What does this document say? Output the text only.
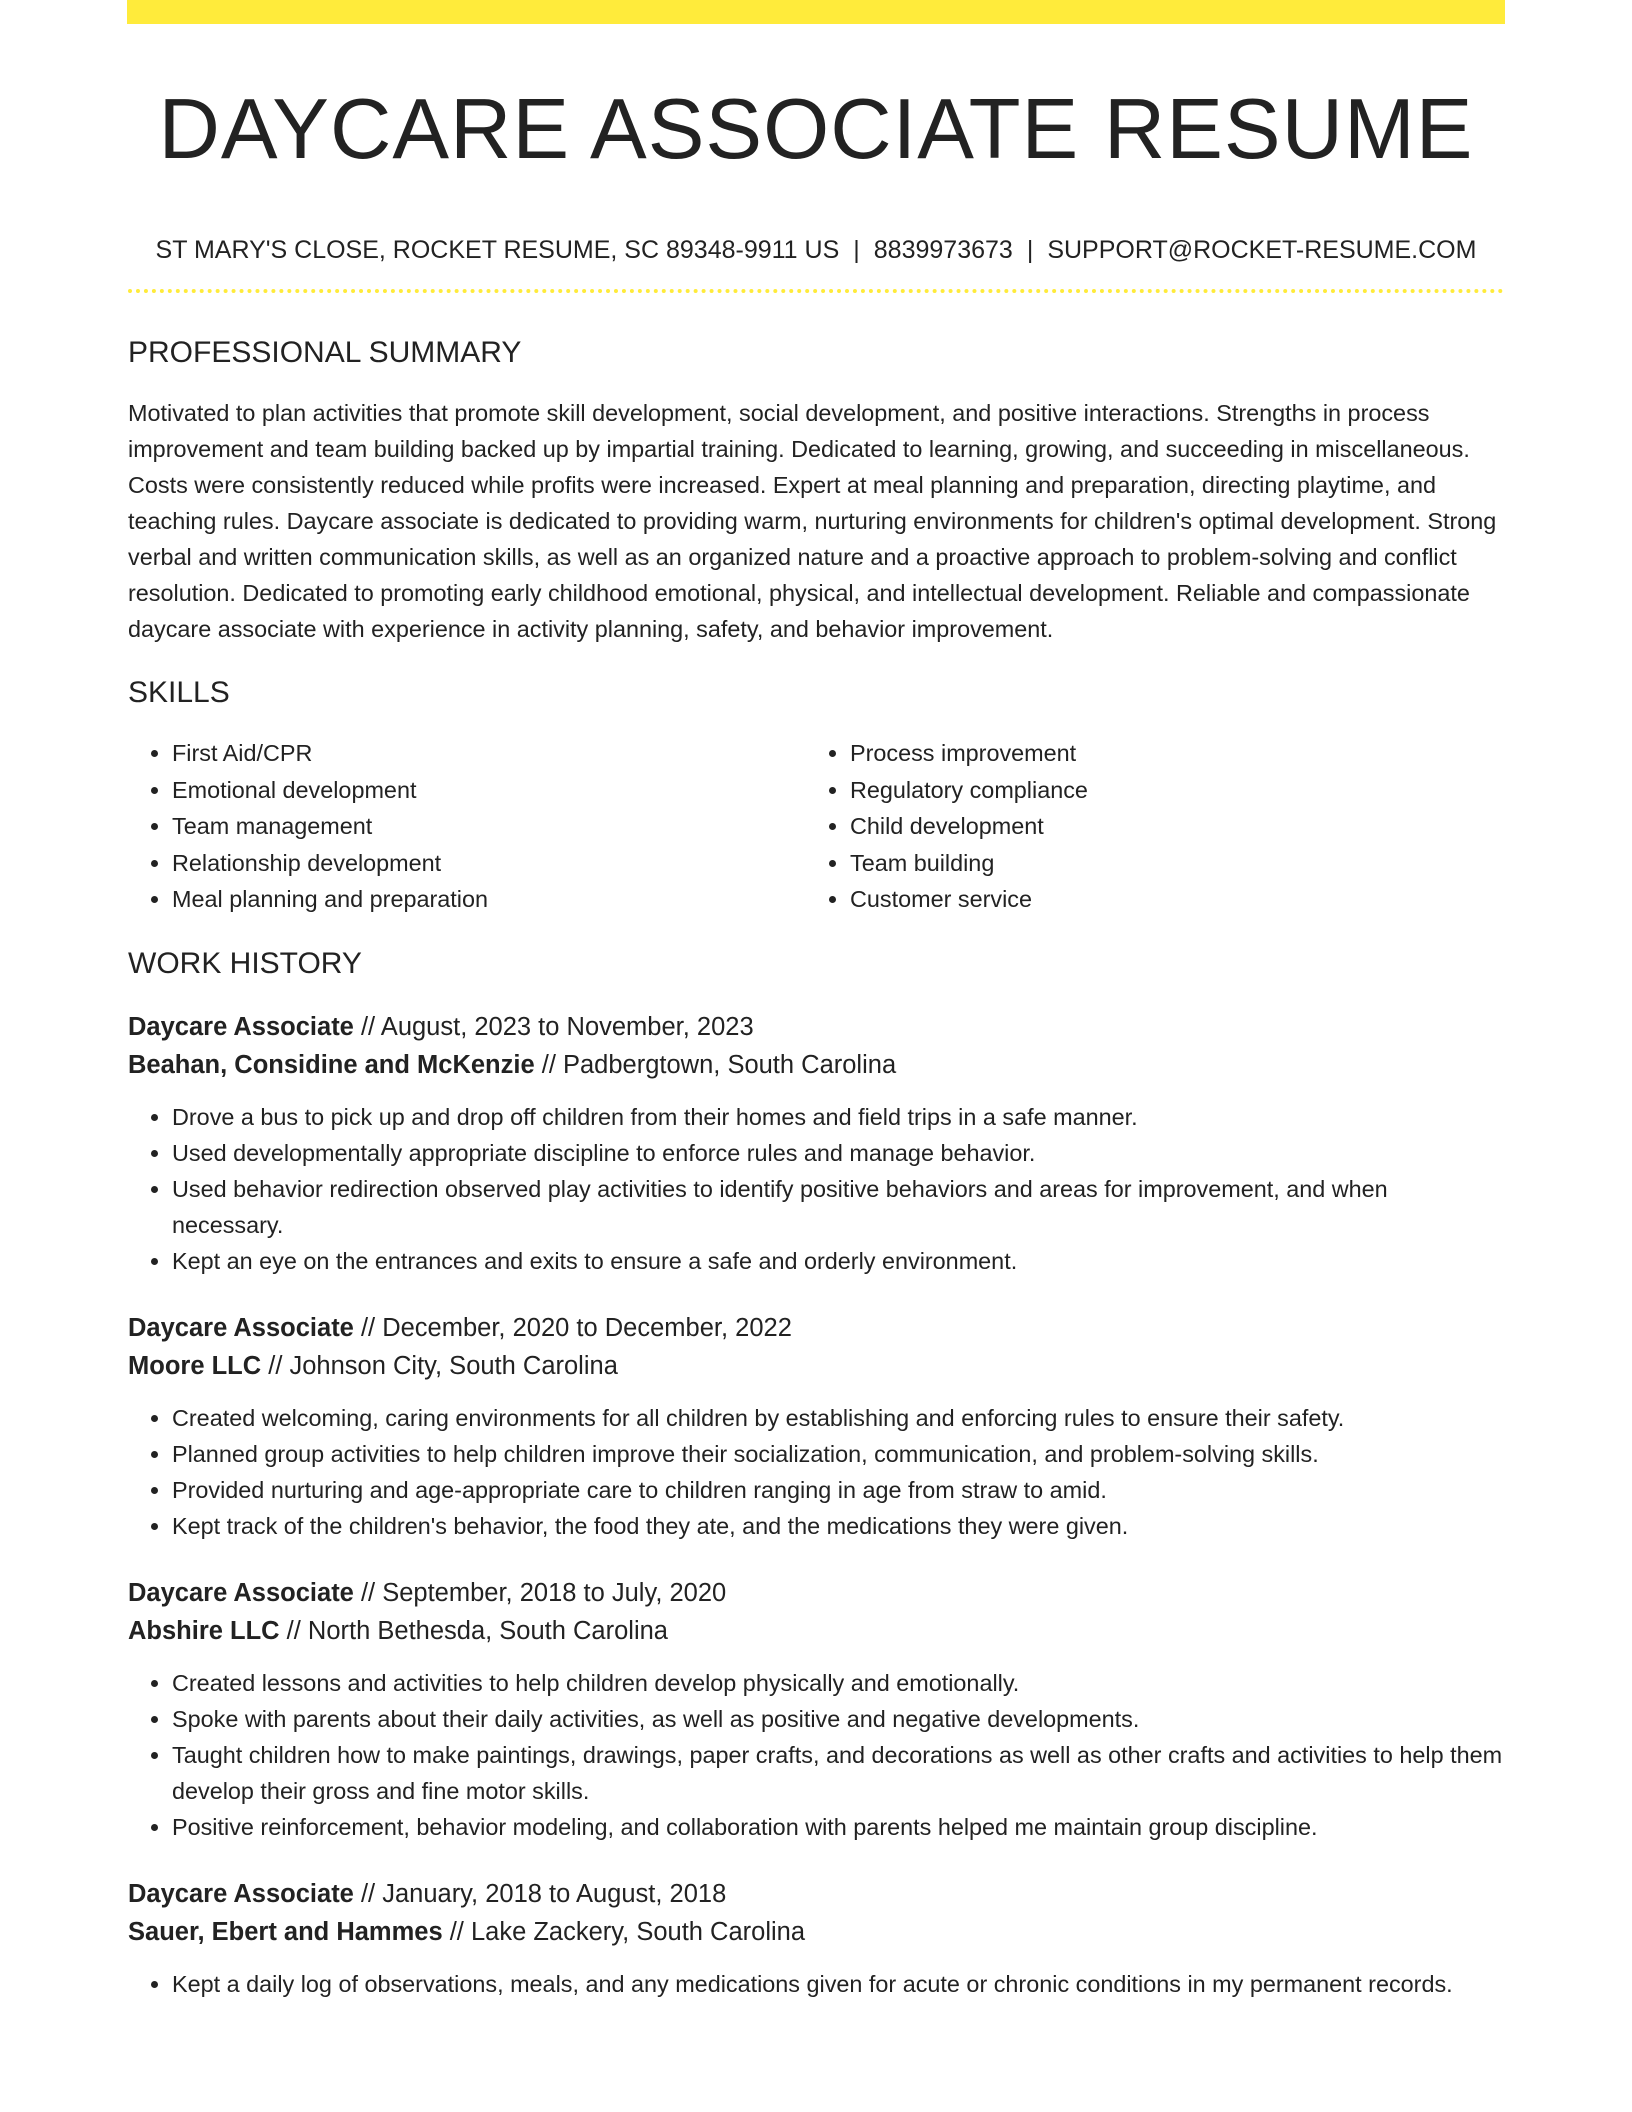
DAYCARE ASSOCIATE RESUME
ST MARY'S CLOSE, ROCKET RESUME, SC 89348-9911 US | 8839973673 | SUPPORT@ROCKET-RESUME.COM
PROFESSIONAL SUMMARY

Motivated to plan activities that promote skill development, social development, and positive interactions. Strengths in process improvement and team building backed up by impartial training. Dedicated to learning, growing, and succeeding in miscellaneous. Costs were consistently reduced while profits were increased. Expert at meal planning and preparation, directing playtime, and teaching rules. Daycare associate is dedicated to providing warm, nurturing environments for children's optimal development. Strong verbal and written communication skills, as well as an organized nature and a proactive approach to problem-solving and conflict resolution. Dedicated to promoting early childhood emotional, physical, and intellectual development. Reliable and compassionate daycare associate with experience in activity planning, safety, and behavior improvement.

SKILLS
• First Aid/CPR
• Emotional development
• Team management
• Relationship development
• Meal planning and preparation
• Process improvement
• Regulatory compliance
• Child development
• Team building
• Customer service
WORK HISTORY
Daycare Associate // August, 2023 to November, 2023
Beahan, Considine and McKenzie // Padbergtown, South Carolina
• Drove a bus to pick up and drop off children from their homes and field trips in a safe manner.
• Used developmentally appropriate discipline to enforce rules and manage behavior.
• Used behavior redirection observed play activities to identify positive behaviors and areas for improvement, and when necessary.
• Kept an eye on the entrances and exits to ensure a safe and orderly environment.
Daycare Associate // December, 2020 to December, 2022
Moore LLC // Johnson City, South Carolina
• Created welcoming, caring environments for all children by establishing and enforcing rules to ensure their safety.
• Planned group activities to help children improve their socialization, communication, and problem-solving skills.
• Provided nurturing and age-appropriate care to children ranging in age from straw to amid.
• Kept track of the children's behavior, the food they ate, and the medications they were given.
Daycare Associate // September, 2018 to July, 2020
Abshire LLC // North Bethesda, South Carolina
• Created lessons and activities to help children develop physically and emotionally.
• Spoke with parents about their daily activities, as well as positive and negative developments.
• Taught children how to make paintings, drawings, paper crafts, and decorations as well as other crafts and activities to help them develop their gross and fine motor skills.
• Positive reinforcement, behavior modeling, and collaboration with parents helped me maintain group discipline.
Daycare Associate // January, 2018 to August, 2018
Sauer, Ebert and Hammes // Lake Zackery, South Carolina
• Kept a daily log of observations, meals, and any medications given for acute or chronic conditions in my permanent records.
